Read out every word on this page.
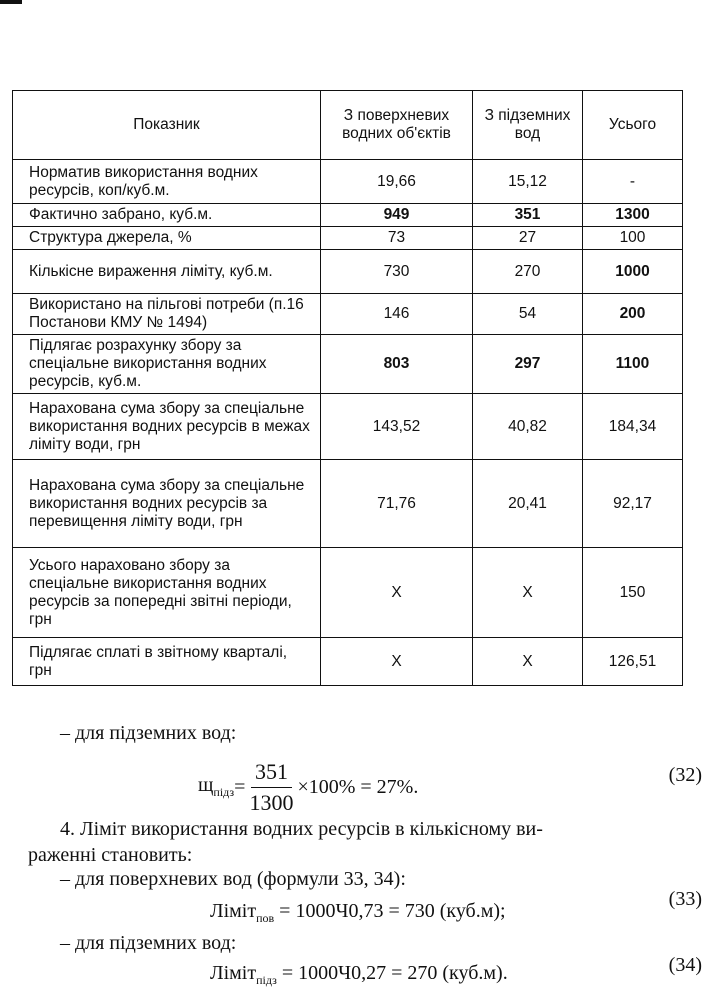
Показник	З поверхневих водних об'єктів	З підземних вод	Усього
Норматив використання водних ресурсів, коп/куб.м.	19,66	15,12	-
Фактично забрано, куб.м.	949	351	1300
Структура джерела, %	73	27	100
Кількісне вираження ліміту, куб.м.	730	270	1000
Використано на пільгові потреби (п.16 Постанови КМУ № 1494)	146	54	200
Підлягає розрахунку збору за спеціальне використання водних ресурсів, куб.м.	803	297	1100
Нарахована сума збору за спеціальне використання водних ресурсів в межах ліміту води, грн	143,52	40,82	184,34
Нарахована сума збору за спеціальне використання водних ресурсів за перевищення ліміту води, грн	71,76	20,41	92,17
Усього нараховано збору за спеціальне використання водних ресурсів за попередні звітні періоди, грн	X	X	150
Підлягає сплаті в звітному кварталі, грн	X	X	126,51
– для підземних вод:
$щ_{підз} = \frac{351}{1300} \times 100\% = 27\%$.
(32)
4. Ліміт використання водних ресурсів в кількісному ви-
раженні становить:
– для поверхневих вод (формули 33, 34):
Ліміт$_{пов}$ = 1000Ч0,73 = 730 (куб.м);
(33)
– для підземних вод:
Ліміт$_{підз}$ = 1000Ч0,27 = 270 (куб.м).	(34)
